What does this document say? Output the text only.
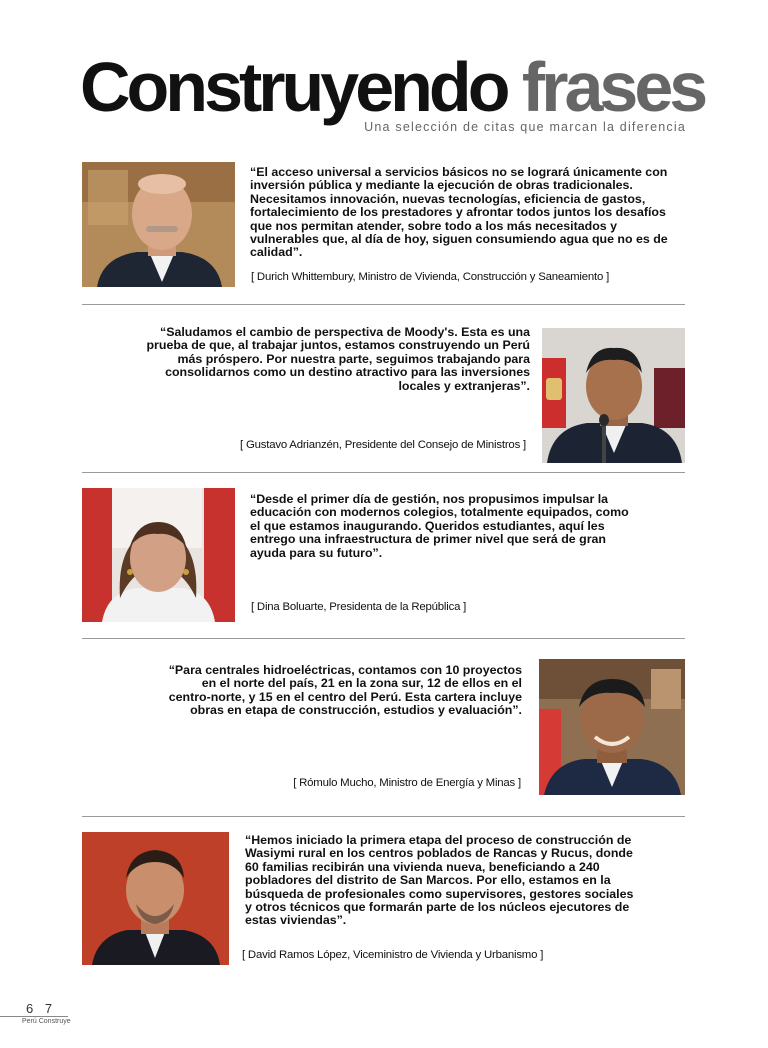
Construyendo frases
Una selección de citas que marcan la diferencia

“El acceso universal a servicios básicos no se logrará únicamente con inversión pública y mediante la ejecución de obras tradicionales. Necesitamos innovación, nuevas tecnologías, eficiencia de gastos, fortalecimiento de los prestadores y afrontar todos juntos los desafíos que nos permitan atender, sobre todo a los más necesitados y vulnerables que, al día de hoy, siguen consumiendo agua que no es de calidad”.

[ Durich Whittembury, Ministro de Vivienda, Construcción y Saneamiento ]

“Saludamos el cambio de perspectiva de Moody's. Esta es una prueba de que, al trabajar juntos, estamos construyendo un Perú más próspero. Por nuestra parte, seguimos trabajando para consolidarnos como un destino atractivo para las inversiones locales y extranjeras”.

[ Gustavo Adrianzén, Presidente del Consejo de Ministros ]

“Desde el primer día de gestión, nos propusimos impulsar la educación con modernos colegios, totalmente equipados, como el que estamos inaugurando. Queridos estudiantes, aquí les entrego una infraestructura de primer nivel que será de gran ayuda para su futuro”.

[ Dina Boluarte, Presidenta de la República ]

“Para centrales hidroeléctricas, contamos con 10 proyectos en el norte del país, 21 en la zona sur, 12 de ellos en el centro-norte, y 15 en el centro del Perú. Esta cartera incluye obras en etapa de construcción, estudios y evaluación”.

[ Rómulo Mucho, Ministro de Energía y Minas ]

“Hemos iniciado la primera etapa del proceso de construcción de Wasiymi rural en los centros poblados de Rancas y Rucus, donde 60 familias recibirán una vivienda nueva, beneficiando a 240 pobladores del distrito de San Marcos. Por ello, estamos en la búsqueda de profesionales como supervisores, gestores sociales y otros técnicos que formarán parte de los núcleos ejecutores de estas viviendas”.

[ David Ramos López, Viceministro de Vivienda y Urbanismo ]
6 7
Perú Construye
